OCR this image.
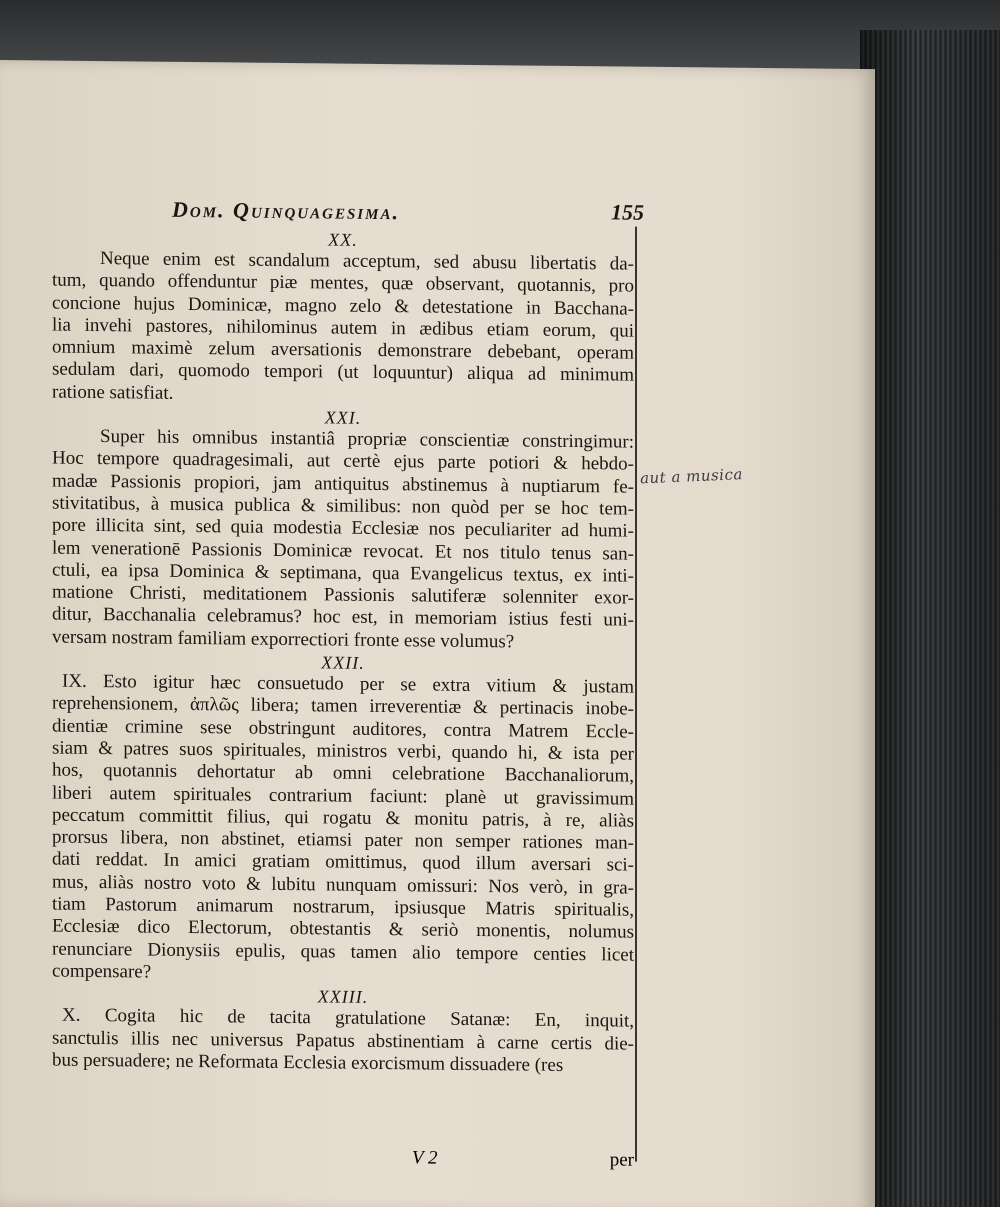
Dom. Quinquagesima.	155
XX.
Neque enim est scandalum acceptum, sed abusu libertatis da-
tum, quando offenduntur piæ mentes, quæ observant, quotannis, pro
concione hujus Dominicæ, magno zelo & detestatione in Bacchana-
lia invehi pastores, nihilominus autem in ædibus etiam eorum, qui
omnium maximè zelum aversationis demonstrare debebant, operam
sedulam dari, quomodo tempori (ut loquuntur) aliqua ad minimum
ratione satisfiat.
XXI.
Super his omnibus instantiâ propriæ conscientiæ constringimur:
Hoc tempore quadragesimali, aut certè ejus parte potiori & hebdo-
madæ Passionis propiori, jam antiquitus abstinemus à nuptiarum fe-
stivitatibus, à musica publica & similibus: non quòd per se hoc tem-
pore illicita sint, sed quia modestia Ecclesiæ nos peculiariter ad humi-
lem venerationē Passionis Dominicæ revocat. Et nos titulo tenus san-
ctuli, ea ipsa Dominica & septimana, qua Evangelicus textus, ex inti-
matione Christi, meditationem Passionis salutiferæ solenniter exor-
ditur, Bacchanalia celebramus? hoc est, in memoriam istius festi uni-
versam nostram familiam exporrectiori fronte esse volumus?
XXII.
IX. Esto igitur hæc consuetudo per se extra vitium & justam
reprehensionem, ἀπλῶς libera; tamen irreverentiæ & pertinacis inobe-
dientiæ crimine sese obstringunt auditores, contra Matrem Eccle-
siam & patres suos spirituales, ministros verbi, quando hi, & ista per
hos, quotannis dehortatur ab omni celebratione Bacchanaliorum,
liberi autem spirituales contrarium faciunt: planè ut gravissimum
peccatum committit filius, qui rogatu & monitu patris, à re, aliàs
prorsus libera, non abstinet, etiamsi pater non semper rationes man-
dati reddat. In amici gratiam omittimus, quod illum aversari sci-
mus, aliàs nostro voto & lubitu nunquam omissuri: Nos verò, in gra-
tiam Pastorum animarum nostrarum, ipsiusque Matris spiritualis,
Ecclesiæ dico Electorum, obtestantis & seriò monentis, nolumus
renunciare Dionysiis epulis, quas tamen alio tempore centies licet
compensare?
XXIII.
X. Cogita hic de tacita gratulatione Satanæ: En, inquit,
sanctulis illis nec universus Papatus abstinentiam à carne certis die-
bus persuadere; ne Reformata Ecclesia exorcismum dissuadere (res
aut a musica
V 2	per
